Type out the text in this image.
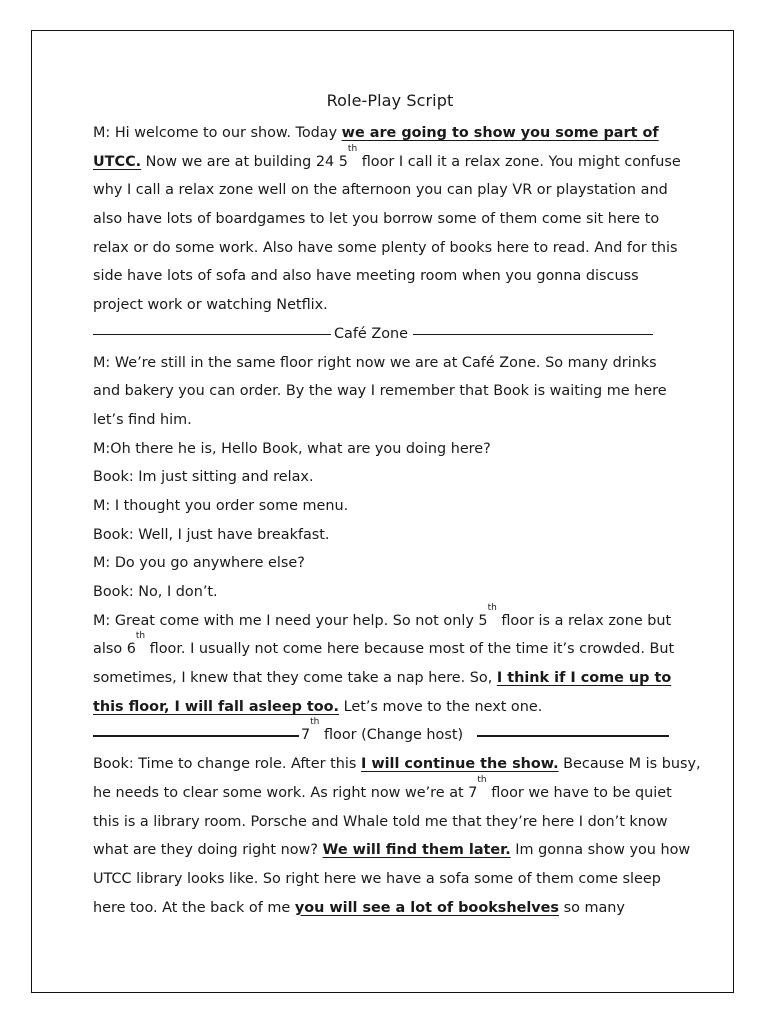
Role-Play Script
M: Hi welcome to our show. Today we are going to show you some part of
UTCC. Now we are at building 24 5th floor I call it a relax zone. You might confuse
why I call a relax zone well on the afternoon you can play VR or playstation and
also have lots of boardgames to let you borrow some of them come sit here to
relax or do some work. Also have some plenty of books here to read. And for this
side have lots of sofa and also have meeting room when you gonna discuss
project work or watching Netflix.
Café Zone
M: We’re still in the same floor right now we are at Café Zone. So many drinks
and bakery you can order. By the way I remember that Book is waiting me here
let’s find him.
M:Oh there he is, Hello Book, what are you doing here?
Book: Im just sitting and relax.
M: I thought you order some menu.
Book: Well, I just have breakfast.
M: Do you go anywhere else?
Book: No, I don’t.
M: Great come with me I need your help. So not only 5th floor is a relax zone but
also 6th floor. I usually not come here because most of the time it’s crowded. But
sometimes, I knew that they come take a nap here. So, I think if I come up to
this floor, I will fall asleep too. Let’s move to the next one.
7th floor (Change host)
Book: Time to change role. After this I will continue the show. Because M is busy,
he needs to clear some work. As right now we’re at 7th floor we have to be quiet
this is a library room. Porsche and Whale told me that they’re here I don’t know
what are they doing right now? We will find them later. Im gonna show you how
UTCC library looks like. So right here we have a sofa some of them come sleep
here too. At the back of me you will see a lot of bookshelves so many
